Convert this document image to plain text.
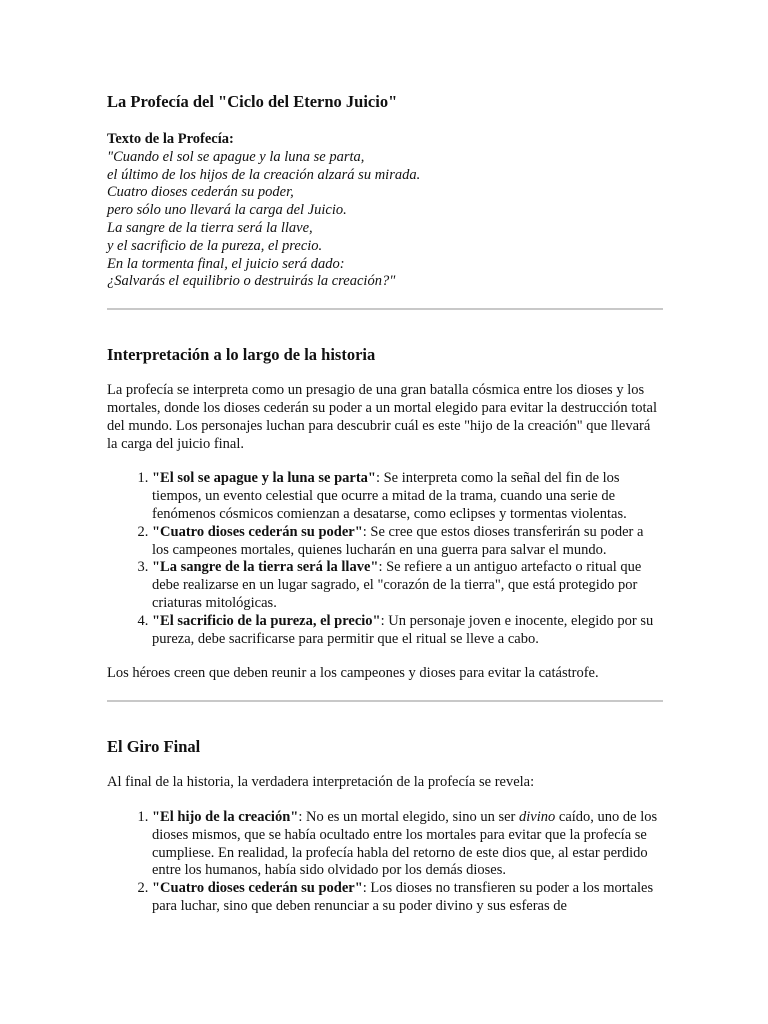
La Profecía del "Ciclo del Eterno Juicio"
Texto de la Profecía:
"Cuando el sol se apague y la luna se parta,
el último de los hijos de la creación alzará su mirada.
Cuatro dioses cederán su poder,
pero sólo uno llevará la carga del Juicio.
La sangre de la tierra será la llave,
y el sacrificio de la pureza, el precio.
En la tormenta final, el juicio será dado:
¿Salvarás el equilibrio o destruirás la creación?"
Interpretación a lo largo de la historia

La profecía se interpreta como un presagio de una gran batalla cósmica entre los dioses y los mortales, donde los dioses cederán su poder a un mortal elegido para evitar la destrucción total del mundo. Los personajes luchan para descubrir cuál es este "hijo de la creación" que llevará la carga del juicio final.

1. "El sol se apague y la luna se parta": Se interpreta como la señal del fin de los tiempos, un evento celestial que ocurre a mitad de la trama, cuando una serie de fenómenos cósmicos comienzan a desatarse, como eclipses y tormentas violentas.
2. "Cuatro dioses cederán su poder": Se cree que estos dioses transferirán su poder a los campeones mortales, quienes lucharán en una guerra para salvar el mundo.
3. "La sangre de la tierra será la llave": Se refiere a un antiguo artefacto o ritual que debe realizarse en un lugar sagrado, el "corazón de la tierra", que está protegido por criaturas mitológicas.
4. "El sacrificio de la pureza, el precio": Un personaje joven e inocente, elegido por su pureza, debe sacrificarse para permitir que el ritual se lleve a cabo.

Los héroes creen que deben reunir a los campeones y dioses para evitar la catástrofe.

El Giro Final

Al final de la historia, la verdadera interpretación de la profecía se revela:

1. "El hijo de la creación": No es un mortal elegido, sino un ser divino caído, uno de los dioses mismos, que se había ocultado entre los mortales para evitar que la profecía se cumpliese. En realidad, la profecía habla del retorno de este dios que, al estar perdido entre los humanos, había sido olvidado por los demás dioses.
2. "Cuatro dioses cederán su poder": Los dioses no transfieren su poder a los mortales para luchar, sino que deben renunciar a su poder divino y sus esferas de
